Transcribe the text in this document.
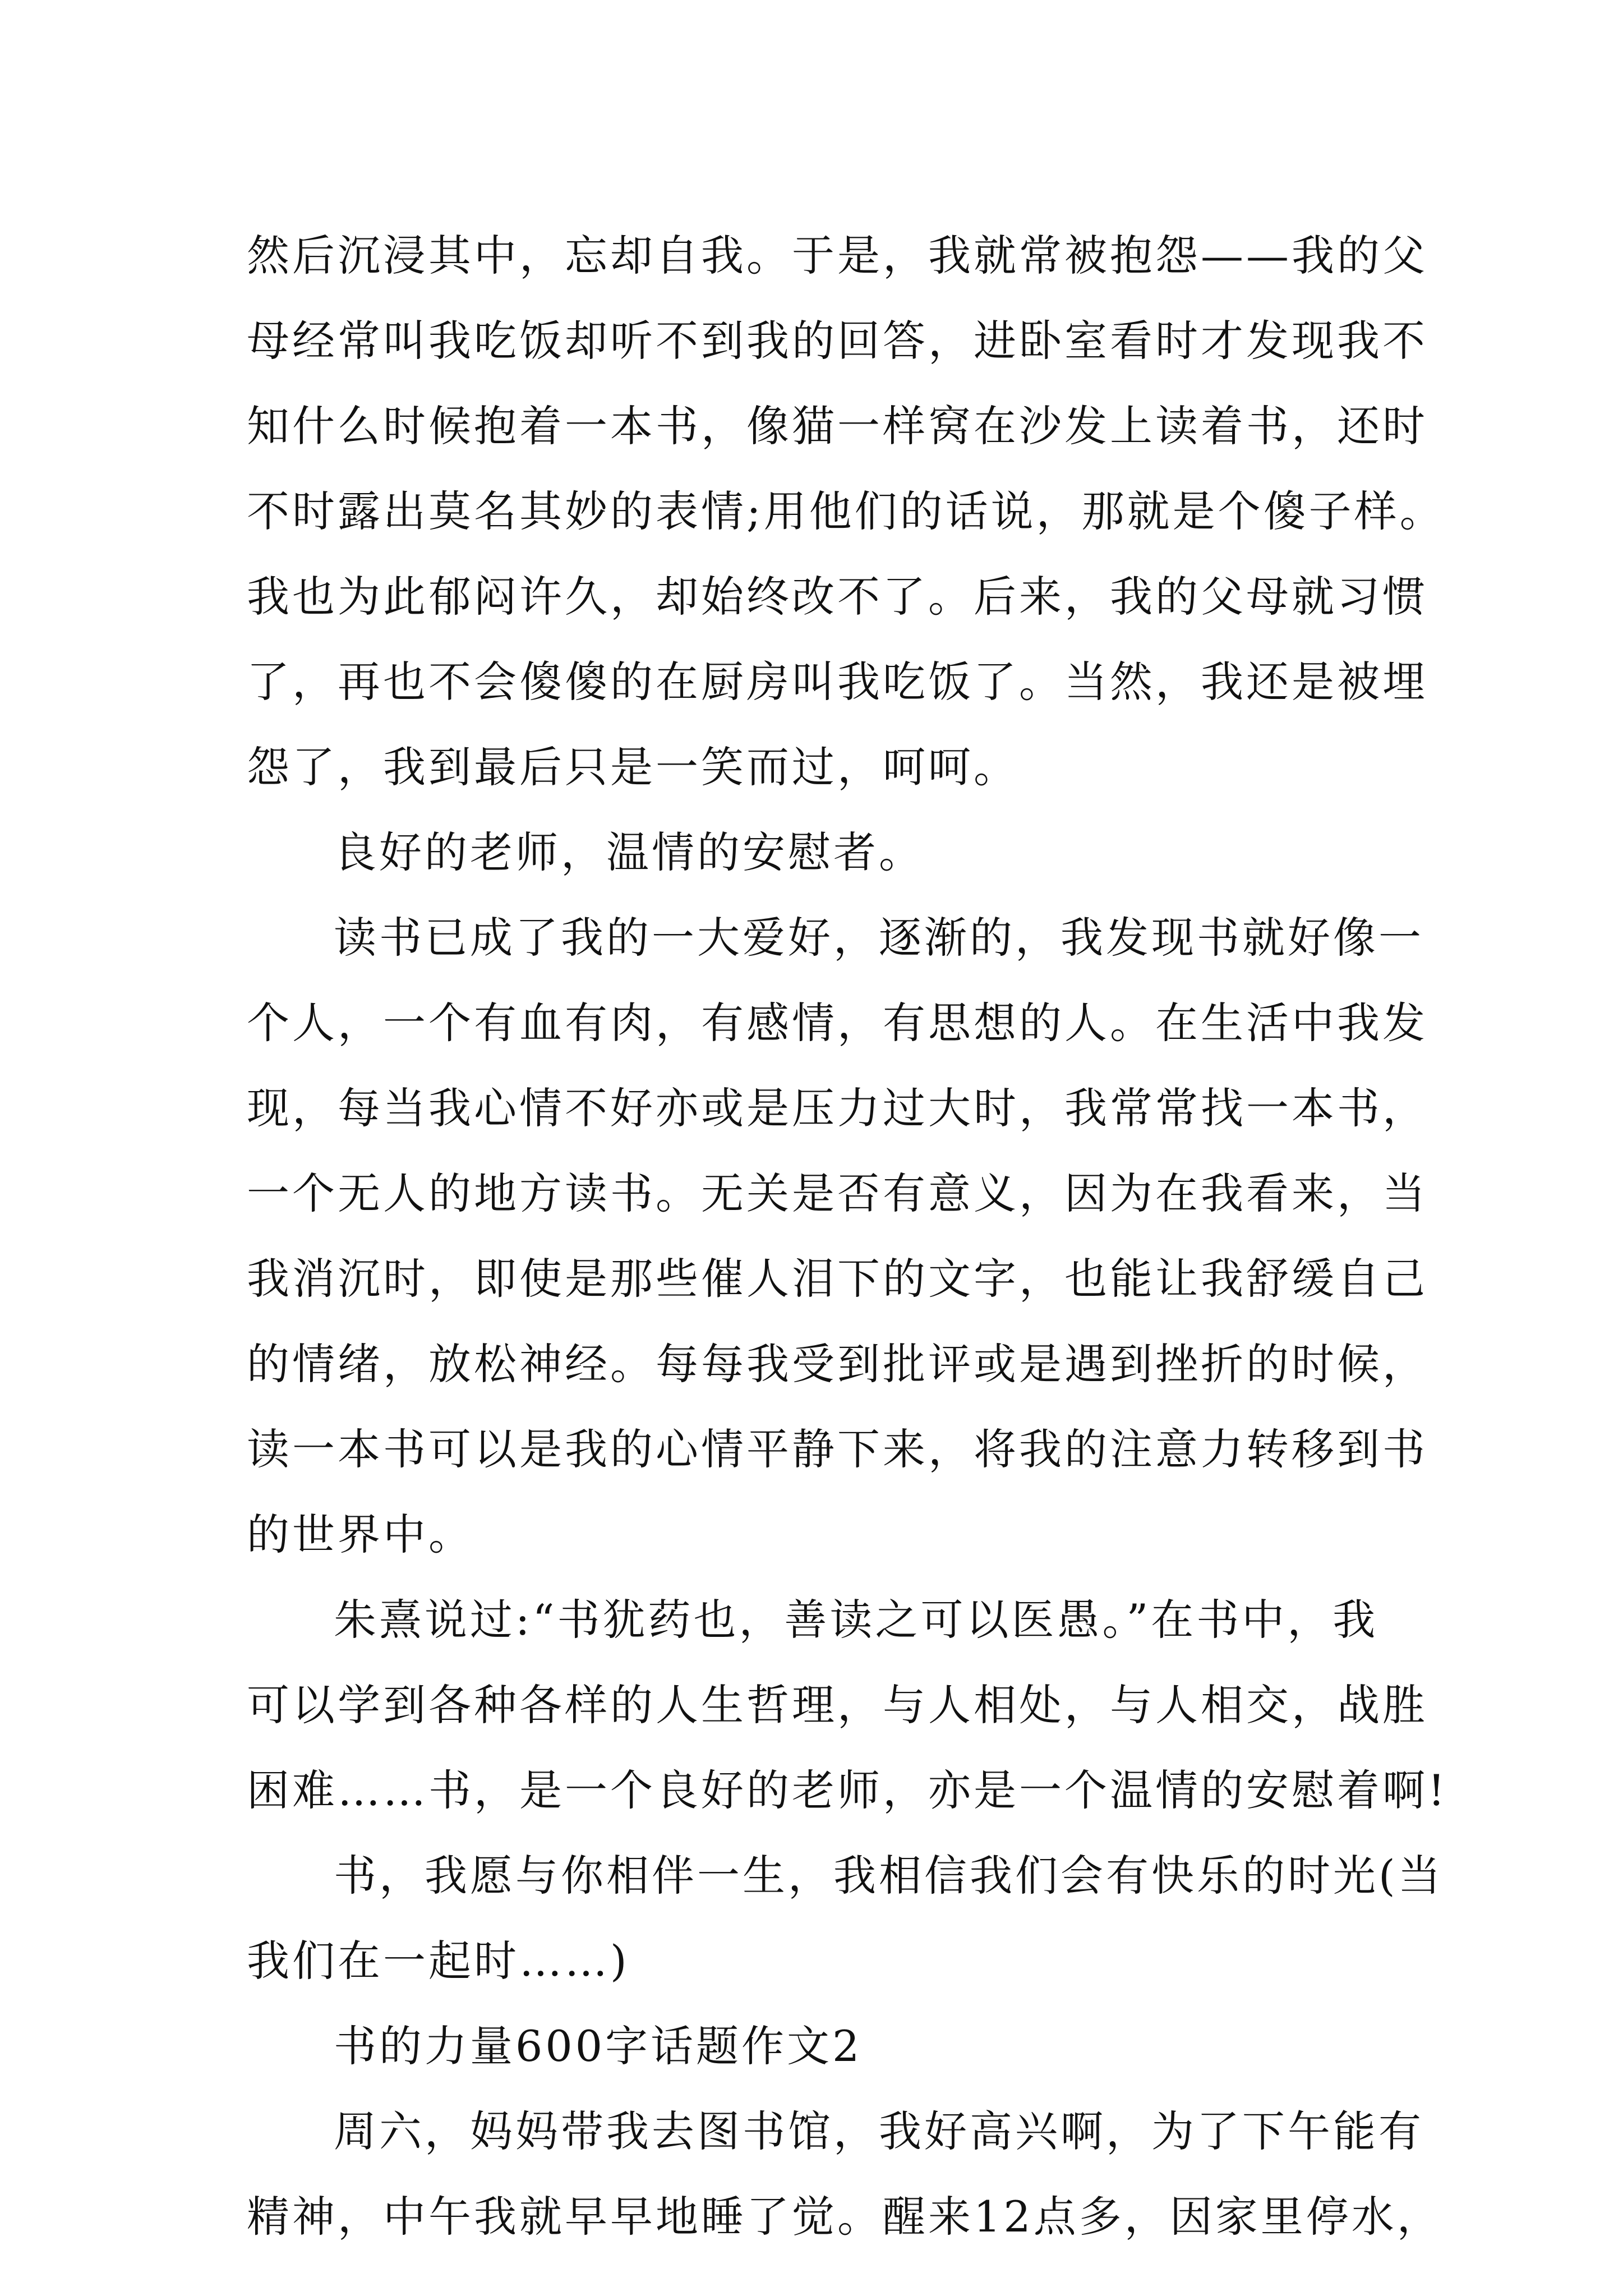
然后沉浸其中，忘却自我。于是，我就常被抱怨——我的父
母经常叫我吃饭却听不到我的回答，进卧室看时才发现我不
知什么时候抱着一本书，像猫一样窝在沙发上读着书，还时
不时露出莫名其妙的表情;用他们的话说，那就是个傻子样。
我也为此郁闷许久，却始终改不了。后来，我的父母就习惯
了，再也不会傻傻的在厨房叫我吃饭了。当然，我还是被埋
怨了，我到最后只是一笑而过，呵呵。
良好的老师，温情的安慰者。
读书已成了我的一大爱好，逐渐的，我发现书就好像一
个人，一个有血有肉，有感情，有思想的人。在生活中我发
现，每当我心情不好亦或是压力过大时，我常常找一本书，
一个无人的地方读书。无关是否有意义，因为在我看来，当
我消沉时，即使是那些催人泪下的文字，也能让我舒缓自己
的情绪，放松神经。每每我受到批评或是遇到挫折的时候，
读一本书可以是我的心情平静下来，将我的注意力转移到书
的世界中。
朱熹说过:“书犹药也，善读之可以医愚。”在书中，我
可以学到各种各样的人生哲理，与人相处，与人相交，战胜
困难……书，是一个良好的老师，亦是一个温情的安慰着啊!
书，我愿与你相伴一生，我相信我们会有快乐的时光(当
我们在一起时……)
书的力量600字话题作文2
周六，妈妈带我去图书馆，我好高兴啊，为了下午能有
精神，中午我就早早地睡了觉。醒来12点多，因家里停水，
